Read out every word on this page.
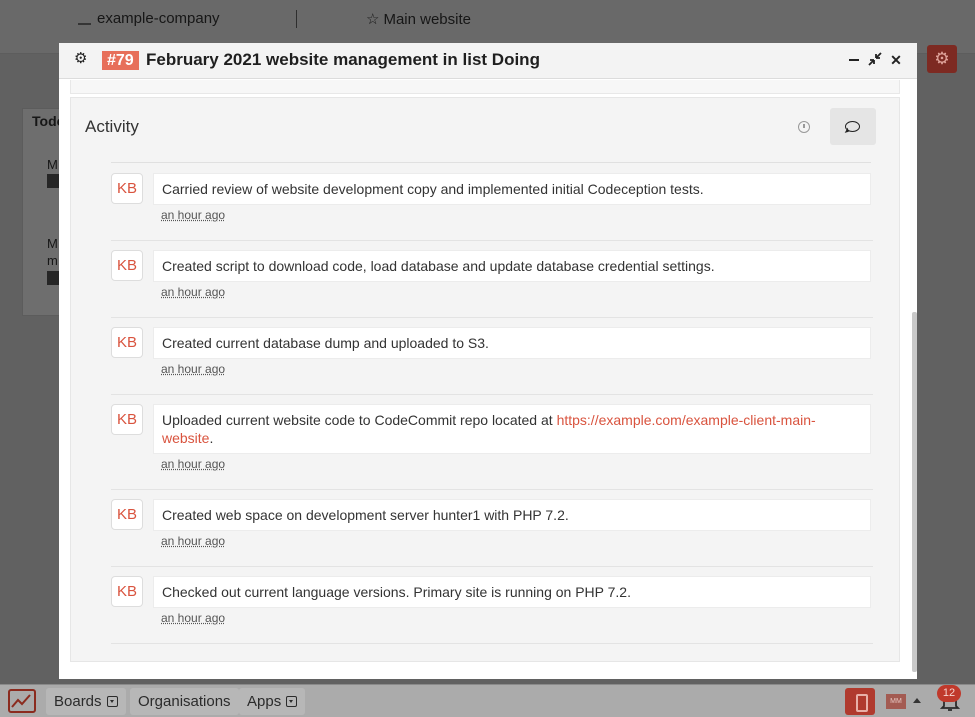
⚙
⚙	#79 February 2021 website management in list Doing	✕
Activity
KB	Carried review of website development copy and implemented initial Codeception tests.
an hour ago
KB	Created script to download code, load database and update database credential settings.
an hour ago
KB	Created current database dump and uploaded to S3.
an hour ago
KB	Uploaded current website code to CodeCommit repo located at https://example.com/example-client-main-website.
an hour ago
KB	Created web space on development server hunter1 with PHP 7.2.
an hour ago
KB	Checked out current language versions. Primary site is running on PHP 7.2.
an hour ago
Boards Organisations Apps	MM
12
